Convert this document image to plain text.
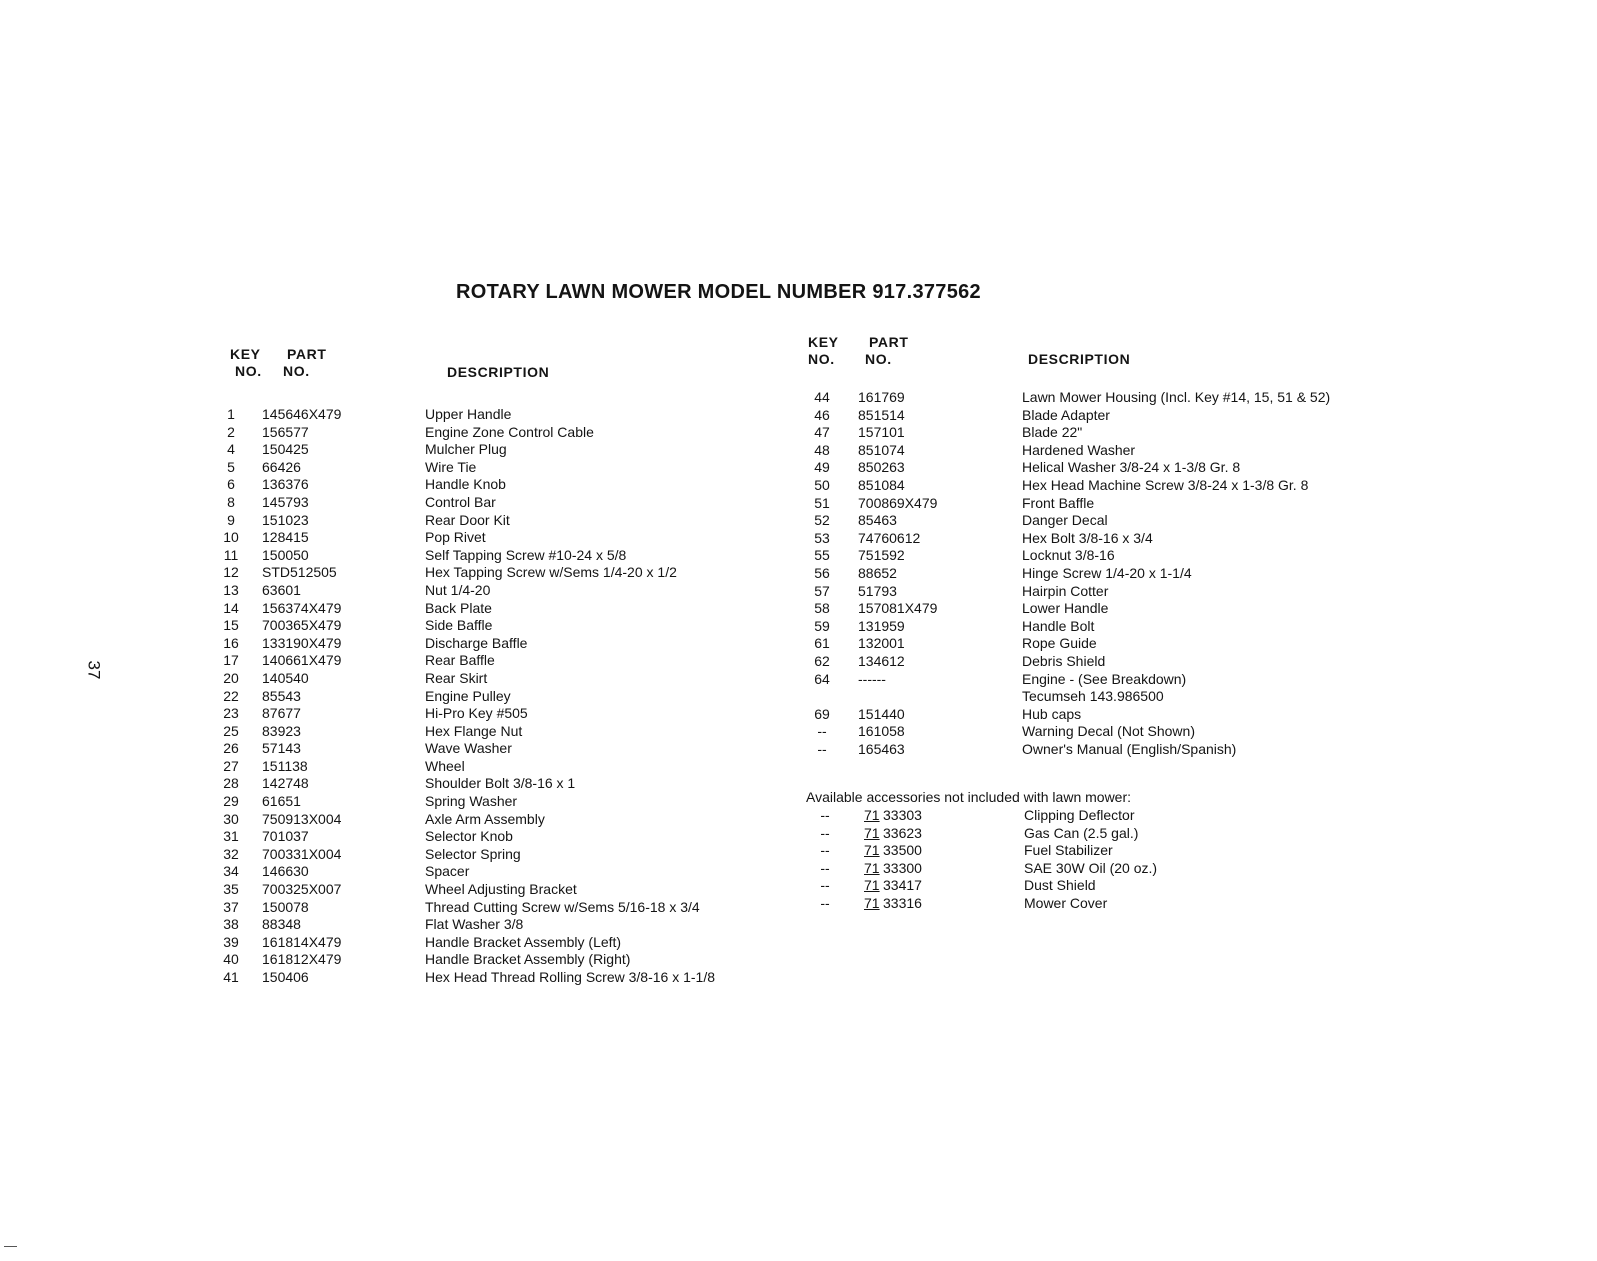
ROTARY LAWN MOWER MODEL NUMBER 917.377562
KEY
NO.
PART
NO.	DESCRIPTION
1	145646X479	Upper Handle
2	156577	Engine Zone Control Cable
4	150425	Mulcher Plug
5	66426	Wire Tie
6	136376	Handle Knob
8	145793	Control Bar
9	151023	Rear Door Kit
10	128415	Pop Rivet
11	150050	Self Tapping Screw #10-24 x 5/8
12	STD512505	Hex Tapping Screw w/Sems 1/4-20 x 1/2
13	63601	Nut 1/4-20
14	156374X479	Back Plate
15	700365X479	Side Baffle
16	133190X479	Discharge Baffle
17	140661X479	Rear Baffle
20	140540	Rear Skirt
22	85543	Engine Pulley
23	87677	Hi-Pro Key #505
25	83923	Hex Flange Nut
26	57143	Wave Washer
27	151138	Wheel
28	142748	Shoulder Bolt 3/8-16 x 1
29	61651	Spring Washer
30	750913X004	Axle Arm Assembly
31	701037	Selector Knob
32	700331X004	Selector Spring
34	146630	Spacer
35	700325X007	Wheel Adjusting Bracket
37	150078	Thread Cutting Screw w/Sems 5/16-18 x 3/4
38	88348	Flat Washer 3/8
39	161814X479	Handle Bracket Assembly (Left)
40	161812X479	Handle Bracket Assembly (Right)
41	150406	Hex Head Thread Rolling Screw 3/8-16 x 1-1/8
KEY
NO.
PART
NO.	DESCRIPTION
44	161769	Lawn Mower Housing (Incl. Key #14, 15, 51 & 52)
46	851514	Blade Adapter
47	157101	Blade 22"
48	851074	Hardened Washer
49	850263	Helical Washer 3/8-24 x 1-3/8 Gr. 8
50	851084	Hex Head Machine Screw 3/8-24 x 1-3/8 Gr. 8
51	700869X479	Front Baffle
52	85463	Danger Decal
53	74760612	Hex Bolt 3/8-16 x 3/4
55	751592	Locknut 3/8-16
56	88652	Hinge Screw 1/4-20 x 1-1/4
57	51793	Hairpin Cotter
58	157081X479	Lower Handle
59	131959	Handle Bolt
61	132001	Rope Guide
62	134612	Debris Shield
64	------	Engine - (See Breakdown)
Tecumseh 143.986500
69	151440	Hub caps
--	161058	Warning Decal (Not Shown)
--	165463	Owner's Manual (English/Spanish)
Available accessories not included with lawn mower:
--	71 33303	Clipping Deflector
--	71 33623	Gas Can (2.5 gal.)
--	71 33500	Fuel Stabilizer
--	71 33300	SAE 30W Oil (20 oz.)
--	71 33417	Dust Shield
--	71 33316	Mower Cover
37
